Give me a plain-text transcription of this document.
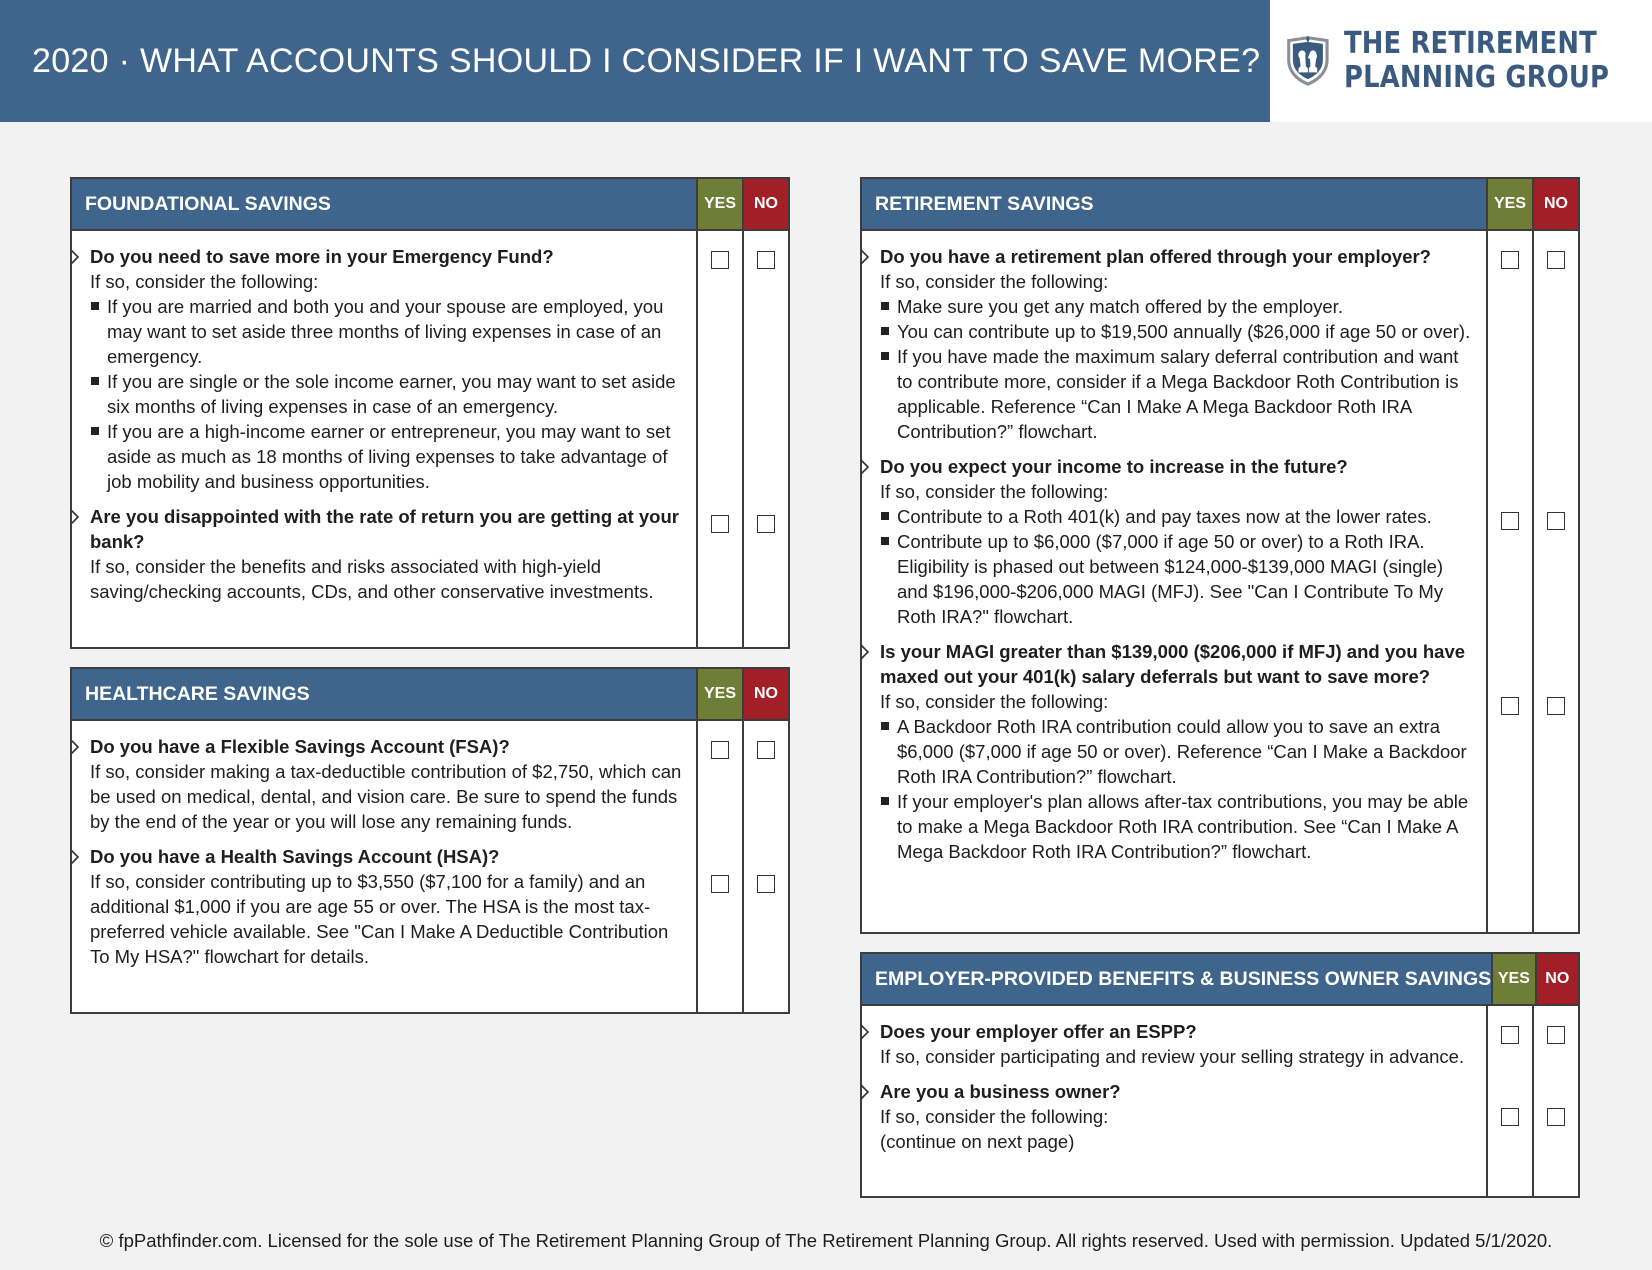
2020 · WHAT ACCOUNTS SHOULD I CONSIDER IF I WANT TO SAVE MORE?	THE RETIREMENT
PLANNING GROUP
FOUNDATIONAL SAVINGS	YES	NO
Do you need to save more in your Emergency Fund?
If so, consider the following:
If you are married and both you and your spouse are employed, you may want to set aside three months of living expenses in case of an emergency.
If you are single or the sole income earner, you may want to set aside six months of living expenses in case of an emergency.
If you are a high-income earner or entrepreneur, you may want to set aside as much as 18 months of living expenses to take advantage of job mobility and business opportunities.
Are you disappointed with the rate of return you are getting at your bank?
If so, consider the benefits and risks associated with high-yield saving/checking accounts, CDs, and other conservative investments.
HEALTHCARE SAVINGS	YES	NO
Do you have a Flexible Savings Account (FSA)?
If so, consider making a tax-deductible contribution of $2,750, which can be used on medical, dental, and vision care. Be sure to spend the funds by the end of the year or you will lose any remaining funds.
Do you have a Health Savings Account (HSA)?
If so, consider contributing up to $3,550 ($7,100 for a family) and an additional $1,000 if you are age 55 or over. The HSA is the most tax-preferred vehicle available. See "Can I Make A Deductible Contribution To My HSA?" flowchart for details.
RETIREMENT SAVINGS	YES	NO
Do you have a retirement plan offered through your employer?
If so, consider the following:
Make sure you get any match offered by the employer.
You can contribute up to $19,500 annually ($26,000 if age 50 or over).
If you have made the maximum salary deferral contribution and want to contribute more, consider if a Mega Backdoor Roth Contribution is applicable. Reference “Can I Make A Mega Backdoor Roth IRA Contribution?” flowchart.
Do you expect your income to increase in the future?
If so, consider the following:
Contribute to a Roth 401(k) and pay taxes now at the lower rates.
Contribute up to $6,000 ($7,000 if age 50 or over) to a Roth IRA. Eligibility is phased out between $124,000-$139,000 MAGI (single) and $196,000-$206,000 MAGI (MFJ). See "Can I Contribute To My Roth IRA?" flowchart.
Is your MAGI greater than $139,000 ($206,000 if MFJ) and you have maxed out your 401(k) salary deferrals but want to save more?
If so, consider the following:
A Backdoor Roth IRA contribution could allow you to save an extra $6,000 ($7,000 if age 50 or over). Reference “Can I Make a Backdoor Roth IRA Contribution?” flowchart.
If your employer's plan allows after-tax contributions, you may be able to make a Mega Backdoor Roth IRA contribution. See “Can I Make A Mega Backdoor Roth IRA Contribution?” flowchart.
EMPLOYER-PROVIDED BENEFITS & BUSINESS OWNER SAVINGS YES NO
Does your employer offer an ESPP?
If so, consider participating and review your selling strategy in advance.
Are you a business owner?
If so, consider the following:
(continue on next page)
© fpPathfinder.com. Licensed for the sole use of The Retirement Planning Group of The Retirement Planning Group. All rights reserved. Used with permission. Updated 5/1/2020.
